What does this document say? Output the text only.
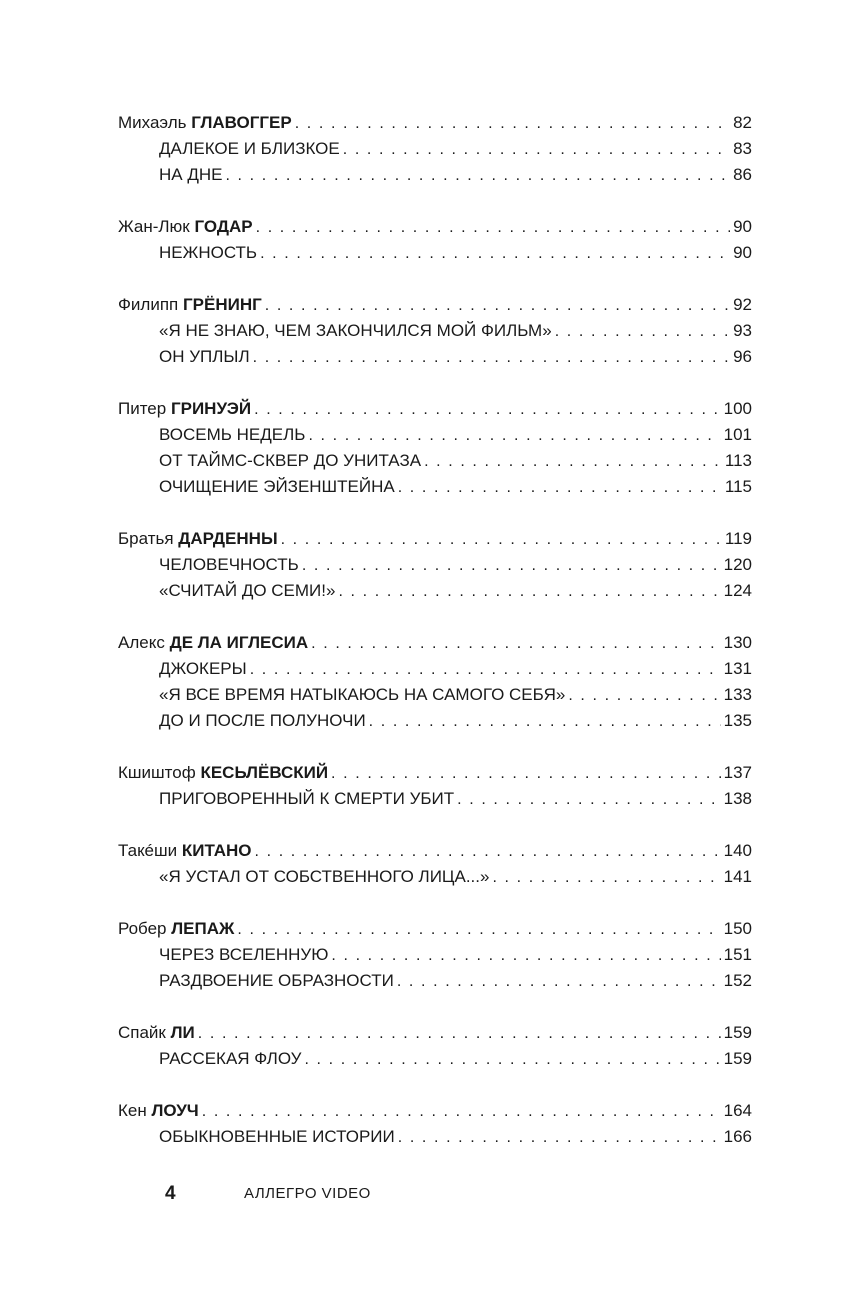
Михаэль ГЛАВОГГЕР . . .	82
ДАЛЕКОЕ И БЛИЗКОЕ . . .	83
НА ДНЕ . . .	86
Жан-Люк ГОДАР . . .	90
НЕЖНОСТЬ . . .	90
Филипп ГРЁНИНГ . . .	92
«Я НЕ ЗНАЮ, ЧЕМ ЗАКОНЧИЛСЯ МОЙ ФИЛЬМ» . . .	93
ОН УПЛЫЛ . . .	96
Питер ГРИНУЭЙ . . .	100
ВОСЕМЬ НЕДЕЛЬ . . .	101
ОТ ТАЙМС-СКВЕР ДО УНИТАЗА . . .	113
ОЧИЩЕНИЕ ЭЙЗЕНШТЕЙНА . . .	115
Братья ДАРДЕННЫ . . .	119
ЧЕЛОВЕЧНОСТЬ . . .	120
«СЧИТАЙ ДО СЕМИ!» . . .	124
Алекс ДЕ ЛА ИГЛЕСИА . . .	130
ДЖОКЕРЫ . . .	131
«Я ВСЕ ВРЕМЯ НАТЫКАЮСЬ НА САМОГО СЕБЯ» . . .	133
ДО И ПОСЛЕ ПОЛУНОЧИ . . .	135
Кшиштоф КЕСЬЛЁВСКИЙ . . .	137
ПРИГОВОРЕННЫЙ К СМЕРТИ УБИТ . . .	138
Такéши КИТАНО . . .	140
«Я УСТАЛ ОТ СОБСТВЕННОГО ЛИЦА...» . . .	141
Робер ЛЕПАЖ . . .	150
ЧЕРЕЗ ВСЕЛЕННУЮ . . .	151
РАЗДВОЕНИЕ ОБРАЗНОСТИ . . .	152
Спайк ЛИ . . .	159
РАССЕКАЯ ФЛОУ . . .	159
Кен ЛОУЧ . . .	164
ОБЫКНОВЕННЫЕ ИСТОРИИ . . .	166
4	АЛЛЕГРО VIDEO
